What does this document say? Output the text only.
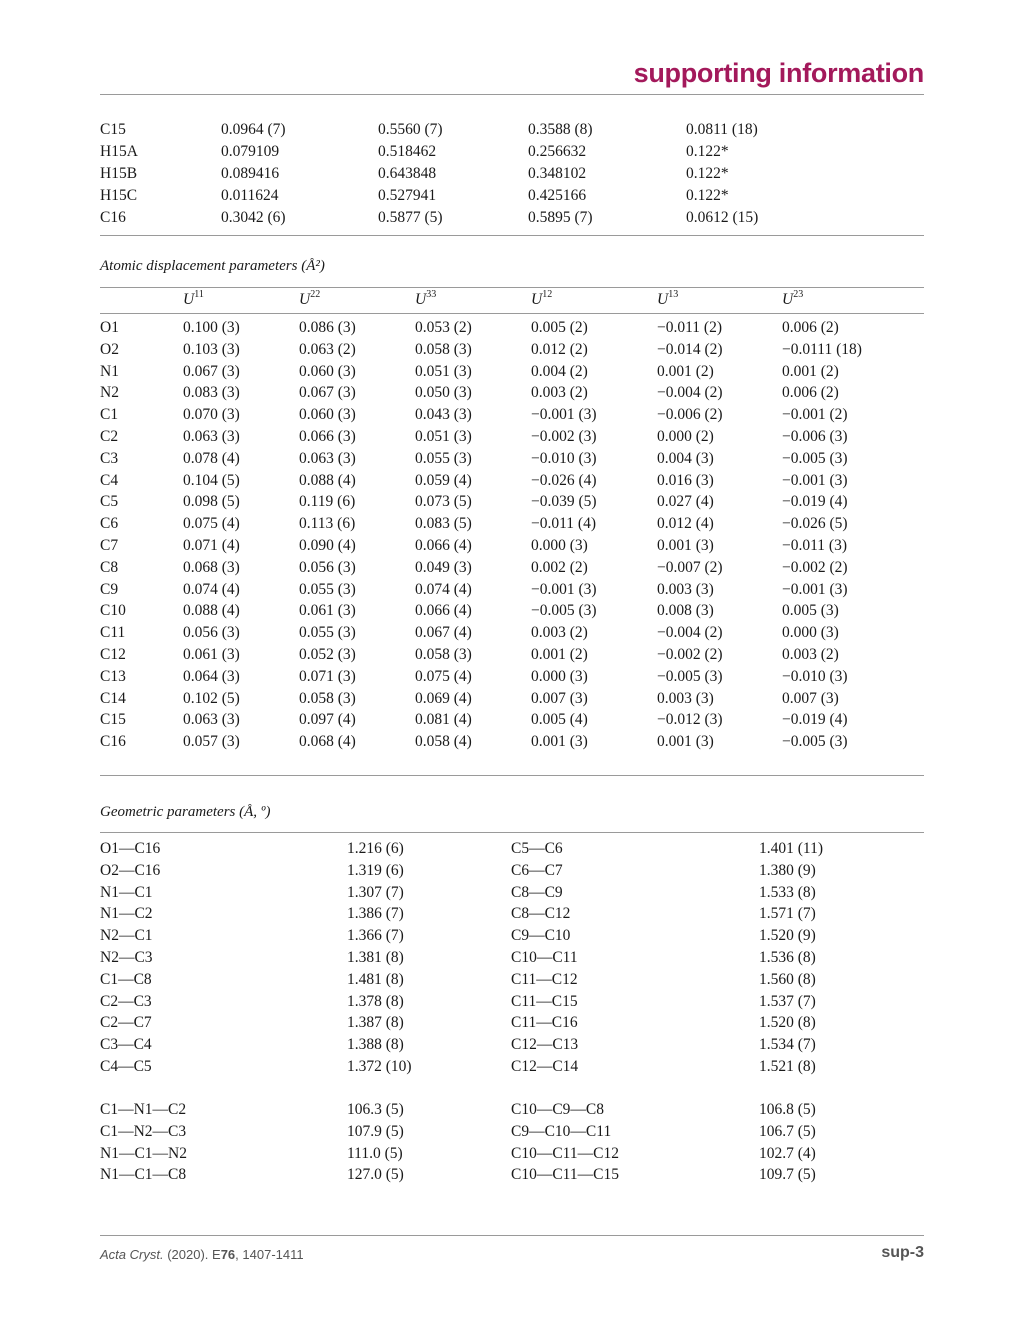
supporting information
C15	0.0964 (7)	0.5560 (7)	0.3588 (8)	0.0811 (18)
H15A	0.079109	0.518462	0.256632	0.122*
H15B	0.089416	0.643848	0.348102	0.122*
H15C	0.011624	0.527941	0.425166	0.122*
C16	0.3042 (6)	0.5877 (5)	0.5895 (7)	0.0612 (15)
Atomic displacement parameters (Å²)
$U^{11}$	$U^{22}$	$U^{33}$	$U^{12}$	$U^{13}$	$U^{23}$
O1	0.100 (3)	0.086 (3)	0.053 (2)	0.005 (2)	−0.011 (2)	0.006 (2)
O2	0.103 (3)	0.063 (2)	0.058 (3)	0.012 (2)	−0.014 (2)	−0.0111 (18)
N1	0.067 (3)	0.060 (3)	0.051 (3)	0.004 (2)	0.001 (2)	0.001 (2)
N2	0.083 (3)	0.067 (3)	0.050 (3)	0.003 (2)	−0.004 (2)	0.006 (2)
C1	0.070 (3)	0.060 (3)	0.043 (3)	−0.001 (3)	−0.006 (2)	−0.001 (2)
C2	0.063 (3)	0.066 (3)	0.051 (3)	−0.002 (3)	0.000 (2)	−0.006 (3)
C3	0.078 (4)	0.063 (3)	0.055 (3)	−0.010 (3)	0.004 (3)	−0.005 (3)
C4	0.104 (5)	0.088 (4)	0.059 (4)	−0.026 (4)	0.016 (3)	−0.001 (3)
C5	0.098 (5)	0.119 (6)	0.073 (5)	−0.039 (5)	0.027 (4)	−0.019 (4)
C6	0.075 (4)	0.113 (6)	0.083 (5)	−0.011 (4)	0.012 (4)	−0.026 (5)
C7	0.071 (4)	0.090 (4)	0.066 (4)	0.000 (3)	0.001 (3)	−0.011 (3)
C8	0.068 (3)	0.056 (3)	0.049 (3)	0.002 (2)	−0.007 (2)	−0.002 (2)
C9	0.074 (4)	0.055 (3)	0.074 (4)	−0.001 (3)	0.003 (3)	−0.001 (3)
C10	0.088 (4)	0.061 (3)	0.066 (4)	−0.005 (3)	0.008 (3)	0.005 (3)
C11	0.056 (3)	0.055 (3)	0.067 (4)	0.003 (2)	−0.004 (2)	0.000 (3)
C12	0.061 (3)	0.052 (3)	0.058 (3)	0.001 (2)	−0.002 (2)	0.003 (2)
C13	0.064 (3)	0.071 (3)	0.075 (4)	0.000 (3)	−0.005 (3)	−0.010 (3)
C14	0.102 (5)	0.058 (3)	0.069 (4)	0.007 (3)	0.003 (3)	0.007 (3)
C15	0.063 (3)	0.097 (4)	0.081 (4)	0.005 (4)	−0.012 (3)	−0.019 (4)
C16	0.057 (3)	0.068 (4)	0.058 (4)	0.001 (3)	0.001 (3)	−0.005 (3)
Geometric parameters (Å, º)
O1—C16	1.216 (6)	C5—C6	1.401 (11)
O2—C16	1.319 (6)	C6—C7	1.380 (9)
N1—C1	1.307 (7)	C8—C9	1.533 (8)
N1—C2	1.386 (7)	C8—C12	1.571 (7)
N2—C1	1.366 (7)	C9—C10	1.520 (9)
N2—C3	1.381 (8)	C10—C11	1.536 (8)
C1—C8	1.481 (8)	C11—C12	1.560 (8)
C2—C3	1.378 (8)	C11—C15	1.537 (7)
C2—C7	1.387 (8)	C11—C16	1.520 (8)
C3—C4	1.388 (8)	C12—C13	1.534 (7)
C4—C5	1.372 (10)	C12—C14	1.521 (8)
C1—N1—C2	106.3 (5)	C10—C9—C8	106.8 (5)
C1—N2—C3	107.9 (5)	C9—C10—C11	106.7 (5)
N1—C1—N2	111.0 (5)	C10—C11—C12	102.7 (4)
N1—C1—C8	127.0 (5)	C10—C11—C15	109.7 (5)
Acta Cryst. (2020). E76, 1407-1411	sup-3
